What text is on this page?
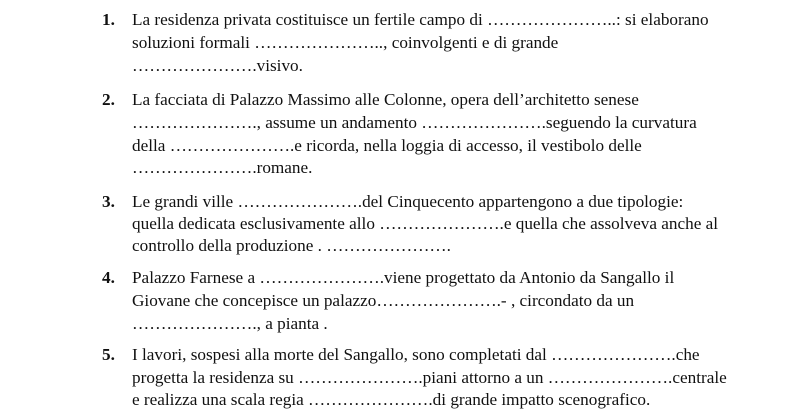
1. La residenza privata costituisce un fertile campo di …………………..: si elaborano
soluzioni formali ………………….., coinvolgenti e di grande
………………….visivo.
2. La facciata di Palazzo Massimo alle Colonne, opera dell’architetto senese
…………………., assume un andamento ………………….seguendo la curvatura
della ………………….e ricorda, nella loggia di accesso, il vestibolo delle
………………….romane.
3. Le grandi ville ………………….del Cinquecento appartengono a due tipologie:
quella dedicata esclusivamente allo ………………….e quella che assolveva anche al
controllo della produzione . ………………….
4. Palazzo Farnese a ………………….viene progettato da Antonio da Sangallo il
Giovane che concepisce un palazzo………………….- , circondato da un
…………………., a pianta .
5. I lavori, sospesi alla morte del Sangallo, sono completati dal ………………….che
progetta la residenza su ………………….piani attorno a un ………………….centrale
e realizza una scala regia ………………….di grande impatto scenografico.
